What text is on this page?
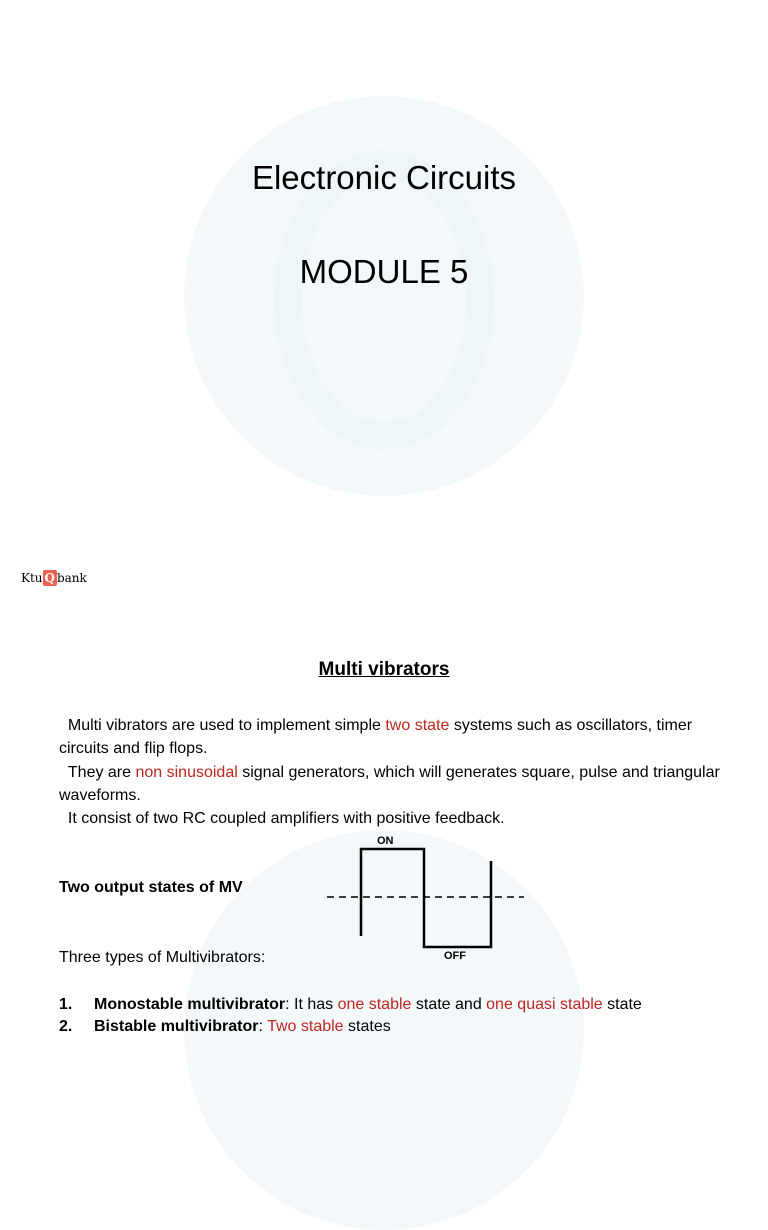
Electronic Circuits
MODULE 5
Ktu Q bank
Multi vibrators
Multi vibrators are used to implement simple two state systems such as oscillators, timer circuits and flip flops.
They are non sinusoidal signal generators, which will generates square, pulse and triangular waveforms.
It consist of two RC coupled amplifiers with positive feedback.
Two output states of MV
ON
OFF
Three types of Multivibrators:
1. Monostable multivibrator: It has one stable state and one quasi stable state
2. Bistable multivibrator: Two stable states
